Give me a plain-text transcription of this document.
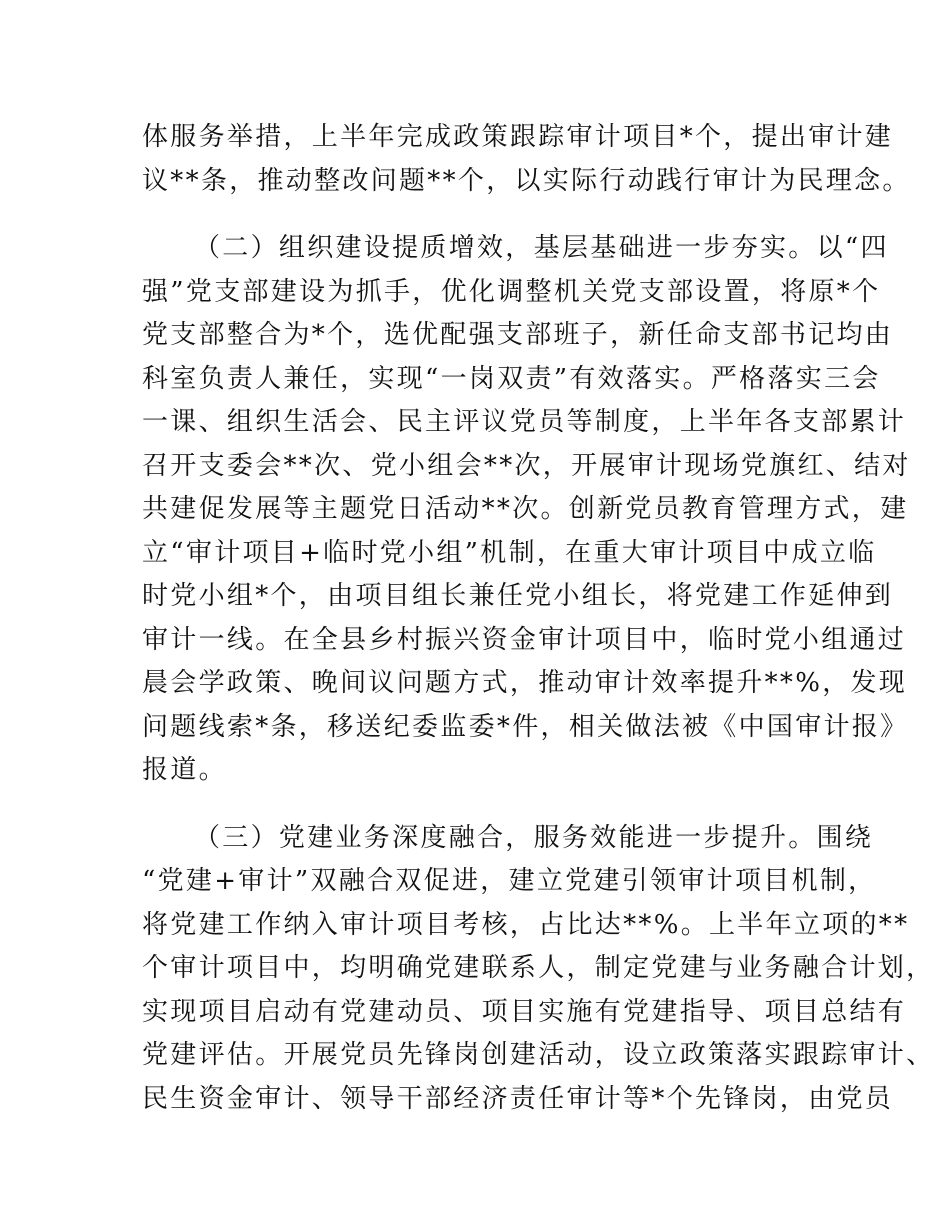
体服务举措，上半年完成政策跟踪审计项目*个，提出审计建
议**条，推动整改问题**个，以实际行动践行审计为民理念。
（二）组织建设提质增效，基层基础进一步夯实。以“四
强”党支部建设为抓手，优化调整机关党支部设置，将原*个
党支部整合为*个，选优配强支部班子，新任命支部书记均由
科室负责人兼任，实现“一岗双责”有效落实。严格落实三会
一课、组织生活会、民主评议党员等制度，上半年各支部累计
召开支委会**次、党小组会**次，开展审计现场党旗红、结对
共建促发展等主题党日活动**次。创新党员教育管理方式，建
立“审计项目+临时党小组”机制，在重大审计项目中成立临
时党小组*个，由项目组长兼任党小组长，将党建工作延伸到
审计一线。在全县乡村振兴资金审计项目中，临时党小组通过
晨会学政策、晚间议问题方式，推动审计效率提升**%，发现
问题线索*条，移送纪委监委*件，相关做法被《中国审计报》
报道。
（三）党建业务深度融合，服务效能进一步提升。围绕
“党建+审计”双融合双促进，建立党建引领审计项目机制，
将党建工作纳入审计项目考核，占比达**%。上半年立项的**
个审计项目中，均明确党建联系人，制定党建与业务融合计划，
实现项目启动有党建动员、项目实施有党建指导、项目总结有
党建评估。开展党员先锋岗创建活动，设立政策落实跟踪审计、
民生资金审计、领导干部经济责任审计等*个先锋岗，由党员
